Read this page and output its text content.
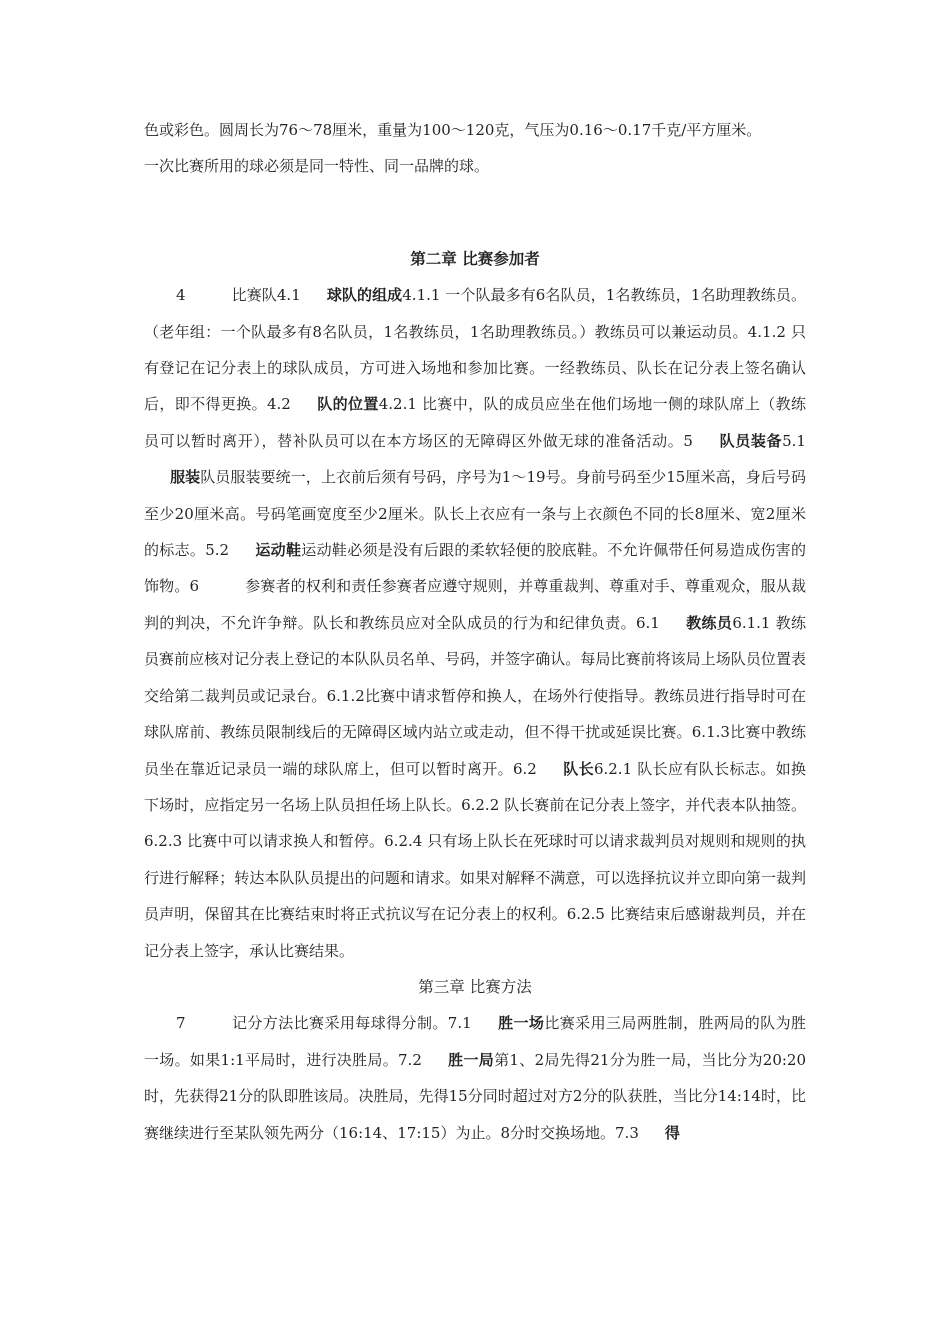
色或彩色。圆周长为76～78厘米，重量为100～120克，气压为0.16～0.17千克/平方厘米。

一次比赛所用的球必须是同一特性、同一品牌的球。

第二章 比赛参加者

4	比赛队4.1 球队的组成4.1.1 一个队最多有6名队员，1名教练员，1名助理教练员。（老年组：一个队最多有8名队员，1名教练员，1名助理教练员。）教练员可以兼运动员。4.1.2 只有登记在记分表上的球队成员，方可进入场地和参加比赛。一经教练员、队长在记分表上签名确认后，即不得更换。4.2 队的位置4.2.1 比赛中，队的成员应坐在他们场地一侧的球队席上（教练员可以暂时离开），替补队员可以在本方场区的无障碍区外做无球的准备活动。5 队员装备5.1服装队员服装要统一，上衣前后须有号码，序号为1～19号。身前号码至少15厘米高，身后号码至少20厘米高。号码笔画宽度至少2厘米。队长上衣应有一条与上衣颜色不同的长8厘米、宽2厘米的标志。5.2 运动鞋运动鞋必须是没有后跟的柔软轻便的胶底鞋。不允许佩带任何易造成伤害的饰物。6	参赛者的权利和责任参赛者应遵守规则，并尊重裁判、尊重对手、尊重观众，服从裁判的判决，不允许争辩。队长和教练员应对全队成员的行为和纪律负责。6.1 教练员6.1.1 教练员赛前应核对记分表上登记的本队队员名单、号码，并签字确认。每局比赛前将该局上场队员位置表交给第二裁判员或记录台。6.1.2比赛中请求暂停和换人，在场外行使指导。教练员进行指导时可在球队席前、教练员限制线后的无障碍区域内站立或走动，但不得干扰或延误比赛。6.1.3比赛中教练员坐在靠近记录员一端的球队席上，但可以暂时离开。6.2 队长6.2.1 队长应有队长标志。如换下场时，应指定另一名场上队员担任场上队长。6.2.2 队长赛前在记分表上签字，并代表本队抽签。6.2.3 比赛中可以请求换人和暂停。6.2.4 只有场上队长在死球时可以请求裁判员对规则和规则的执行进行解释；转达本队队员提出的问题和请求。如果对解释不满意，可以选择抗议并立即向第一裁判员声明，保留其在比赛结束时将正式抗议写在记分表上的权利。6.2.5 比赛结束后感谢裁判员，并在记分表上签字，承认比赛结果。

第三章 比赛方法

7	记分方法比赛采用每球得分制。7.1 胜一场比赛采用三局两胜制，胜两局的队为胜一场。如果1:1平局时，进行决胜局。7.2 胜一局第1、2局先得21分为胜一局，当比分为20:20时，先获得21分的队即胜该局。决胜局，先得15分同时超过对方2分的队获胜，当比分14:14时，比赛继续进行至某队领先两分（16:14、17:15）为止。8分时交换场地。7.3 得
